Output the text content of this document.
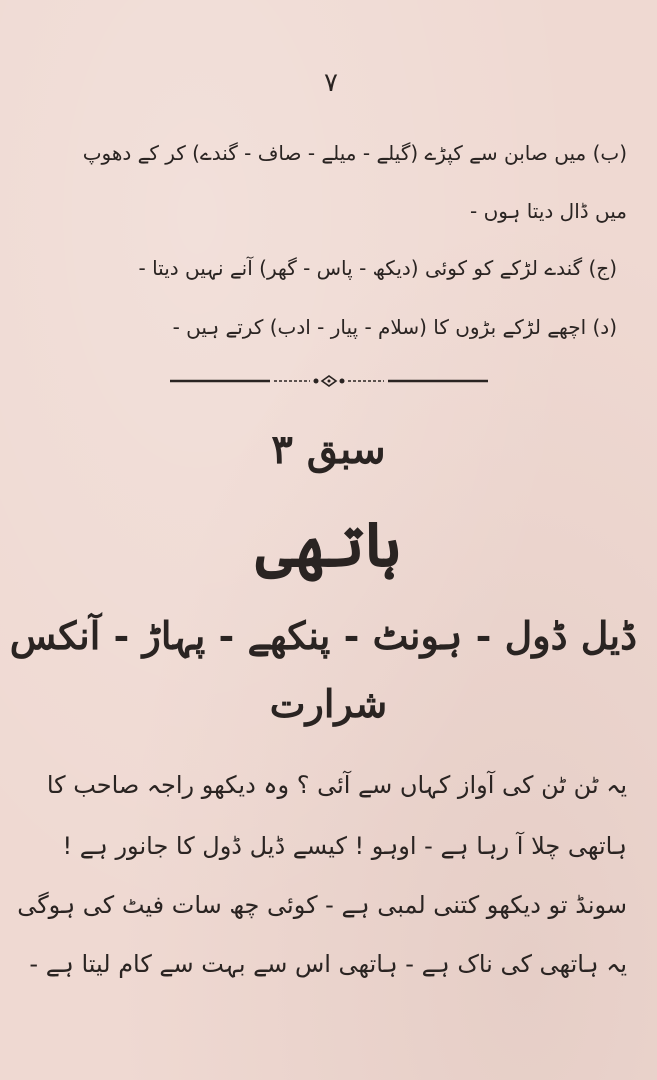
۷
(ب) میں صابن سے کپڑے (گیلے - میلے - صاف - گندے) کر کے دھوپ
میں ڈال دیتا ہوں -
(ج) گندے لڑکے کو کوئی (دیکھ - پاس - گھر) آنے نہیں دیتا -
(د) اچھے لڑکے بڑوں کا (سلام - پیار - ادب) کرتے ہیں -
سبق ۳
ہاتھی
ڈیل ڈول - ہونٹ - پنکھے - پہاڑ - آنکس
شرارت
یہ ٹن ٹن کی آواز کہاں سے آئی ؟ وہ دیکھو راجہ صاحب کا
ہاتھی چلا آ رہا ہے - اوہو ! کیسے ڈیل ڈول کا جانور ہے !
سونڈ تو دیکھو کتنی لمبی ہے - کوئی چھ سات فیٹ کی ہوگی
یہ ہاتھی کی ناک ہے - ہاتھی اس سے بہت سے کام لیتا ہے -
